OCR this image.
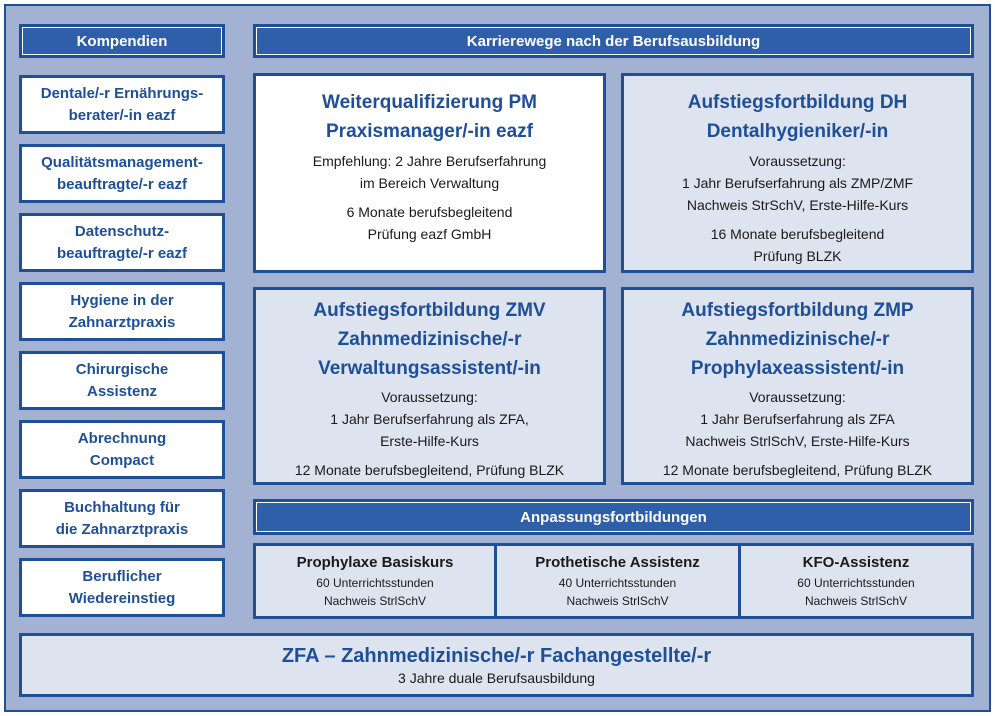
Kompendien
Dentale/-r Ernährungs-
berater/-in eazf
Qualitätsmanagement-
beauftragte/-r eazf
Datenschutz-
beauftragte/-r eazf
Hygiene in der
Zahnarztpraxis
Chirurgische
Assistenz
Abrechnung
Compact
Buchhaltung für
die Zahnarztpraxis
Beruflicher
Wiedereinstieg
Karrierewege nach der Berufsausbildung
Weiterqualifizierung PM
Praxismanager/-in eazf
Empfehlung: 2 Jahre Berufserfahrung
im Bereich Verwaltung
6 Monate berufsbegleitend
Prüfung eazf GmbH
Aufstiegsfortbildung DH
Dentalhygieniker/-in
Voraussetzung:
1 Jahr Berufserfahrung als ZMP/ZMF
Nachweis StrSchV, Erste-Hilfe-Kurs
16 Monate berufsbegleitend
Prüfung BLZK
Aufstiegsfortbildung ZMV
Zahnmedizinische/-r
Verwaltungsassistent/-in
Voraussetzung:
1 Jahr Berufserfahrung als ZFA,
Erste-Hilfe-Kurs
12 Monate berufsbegleitend, Prüfung BLZK
Aufstiegsfortbildung ZMP
Zahnmedizinische/-r
Prophylaxeassistent/-in
Voraussetzung:
1 Jahr Berufserfahrung als ZFA
Nachweis StrlSchV, Erste-Hilfe-Kurs
12 Monate berufsbegleitend, Prüfung BLZK
Anpassungsfortbildungen
Prophylaxe Basiskurs
60 Unterrichtsstunden
Nachweis StrlSchV
Prothetische Assistenz
40 Unterrichtsstunden
Nachweis StrlSchV
KFO-Assistenz
60 Unterrichtsstunden
Nachweis StrlSchV
ZFA – Zahnmedizinische/-r Fachangestellte/-r
3 Jahre duale Berufsausbildung
